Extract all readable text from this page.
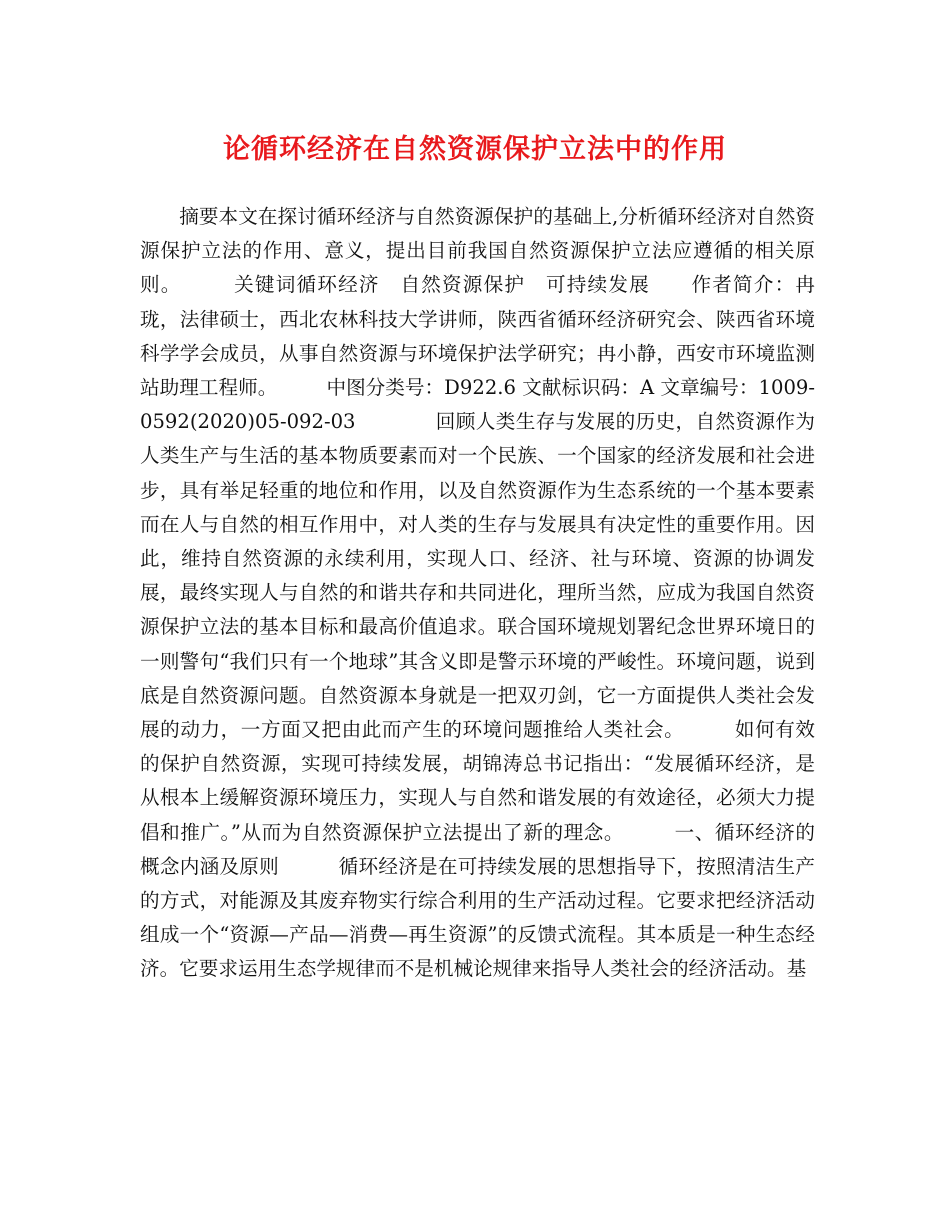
论循环经济在自然资源保护立法中的作用

摘要本文在探讨循环经济与自然资源保护的基础上,分析循环经济对自然资源保护立法的作用、意义，提出目前我国自然资源保护立法应遵循的相关原则。　　　关键词循环经济　自然资源保护　可持续发展　　作者简介：冉珑，法律硕士，西北农林科技大学讲师，陕西省循环经济研究会、陕西省环境科学学会成员，从事自然资源与环境保护法学研究；冉小静，西安市环境监测站助理工程师。　　　中图分类号：D922.6 文献标识码：A 文章编号：1009-0592(2020)05-092-03　　　　回顾人类生存与发展的历史，自然资源作为人类生产与生活的基本物质要素而对一个民族、一个国家的经济发展和社会进步，具有举足轻重的地位和作用，以及自然资源作为生态系统的一个基本要素而在人与自然的相互作用中，对人类的生存与发展具有决定性的重要作用。因此，维持自然资源的永续利用，实现人口、经济、社与环境、资源的协调发展，最终实现人与自然的和谐共存和共同进化，理所当然，应成为我国自然资源保护立法的基本目标和最高价值追求。联合国环境规划署纪念世界环境日的一则警句“我们只有一个地球”其含义即是警示环境的严峻性。环境问题，说到底是自然资源问题。自然资源本身就是一把双刃剑，它一方面提供人类社会发展的动力，一方面又把由此而产生的环境问题推给人类社会。　　　如何有效的保护自然资源，实现可持续发展，胡锦涛总书记指出：“发展循环经济，是从根本上缓解资源环境压力，实现人与自然和谐发展的有效途径，必须大力提倡和推广。”从而为自然资源保护立法提出了新的理念。　　　一、循环经济的概念内涵及原则　　　循环经济是在可持续发展的思想指导下，按照清洁生产的方式，对能源及其废弃物实行综合利用的生产活动过程。它要求把经济活动组成一个“资源—产品—消费—再生资源”的反馈式流程。其本质是一种生态经济。它要求运用生态学规律而不是机械论规律来指导人类社会的经济活动。基
